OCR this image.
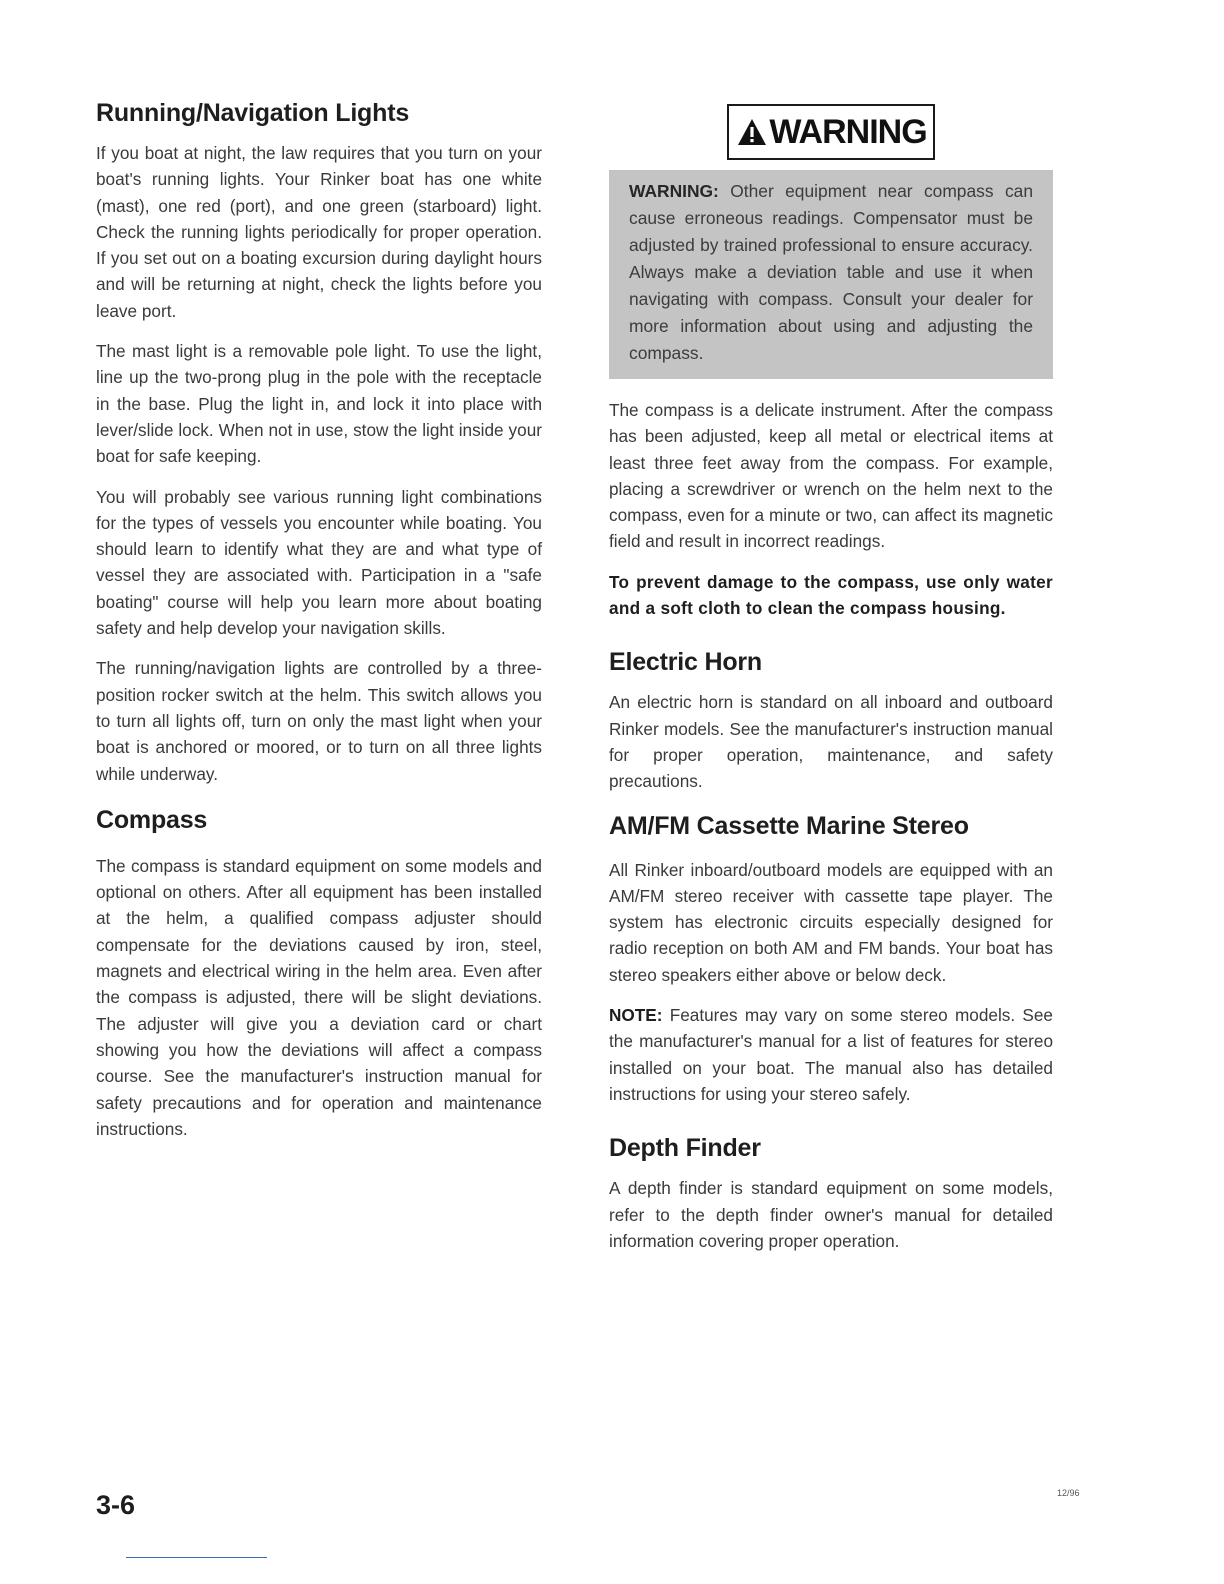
Running/Navigation Lights

If you boat at night, the law requires that you turn on your boat's running lights. Your Rinker boat has one white (mast), one red (port), and one green (starboard) light. Check the running lights periodically for proper operation. If you set out on a boating excursion during daylight hours and will be returning at night, check the lights before you leave port.

The mast light is a removable pole light. To use the light, line up the two-prong plug in the pole with the receptacle in the base. Plug the light in, and lock it into place with lever/slide lock. When not in use, stow the light inside your boat for safe keeping.

You will probably see various running light combinations for the types of vessels you encounter while boating. You should learn to identify what they are and what type of vessel they are associated with. Participation in a "safe boating" course will help you learn more about boating safety and help develop your navigation skills.

The running/navigation lights are controlled by a three-position rocker switch at the helm. This switch allows you to turn all lights off, turn on only the mast light when your boat is anchored or moored, or to turn on all three lights while underway.

Compass

The compass is standard equipment on some models and optional on others. After all equipment has been installed at the helm, a qualified compass adjuster should compensate for the deviations caused by iron, steel, magnets and electrical wiring in the helm area. Even after the compass is adjusted, there will be slight deviations. The adjuster will give you a deviation card or chart showing you how the deviations will affect a compass course. See the manufacturer's instruction manual for safety precautions and for operation and maintenance instructions.

WARNING

WARNING: Other equipment near compass can cause erroneous readings. Compensator must be adjusted by trained professional to ensure accuracy. Always make a deviation table and use it when navigating with compass. Consult your dealer for more information about using and adjusting the compass.

The compass is a delicate instrument. After the compass has been adjusted, keep all metal or electrical items at least three feet away from the compass. For example, placing a screwdriver or wrench on the helm next to the compass, even for a minute or two, can affect its magnetic field and result in incorrect readings.

To prevent damage to the compass, use only water and a soft cloth to clean the compass housing.

Electric Horn

An electric horn is standard on all inboard and outboard Rinker models. See the manufacturer's instruction manual for proper operation, maintenance, and safety precautions.

AM/FM Cassette Marine Stereo

All Rinker inboard/outboard models are equipped with an AM/FM stereo receiver with cassette tape player. The system has electronic circuits especially designed for radio reception on both AM and FM bands. Your boat has stereo speakers either above or below deck.

NOTE: Features may vary on some stereo models. See the manufacturer's manual for a list of features for stereo installed on your boat. The manual also has detailed instructions for using your stereo safely.

Depth Finder

A depth finder is standard equipment on some models, refer to the depth finder owner's manual for detailed information covering proper operation.

3-6	12/96
